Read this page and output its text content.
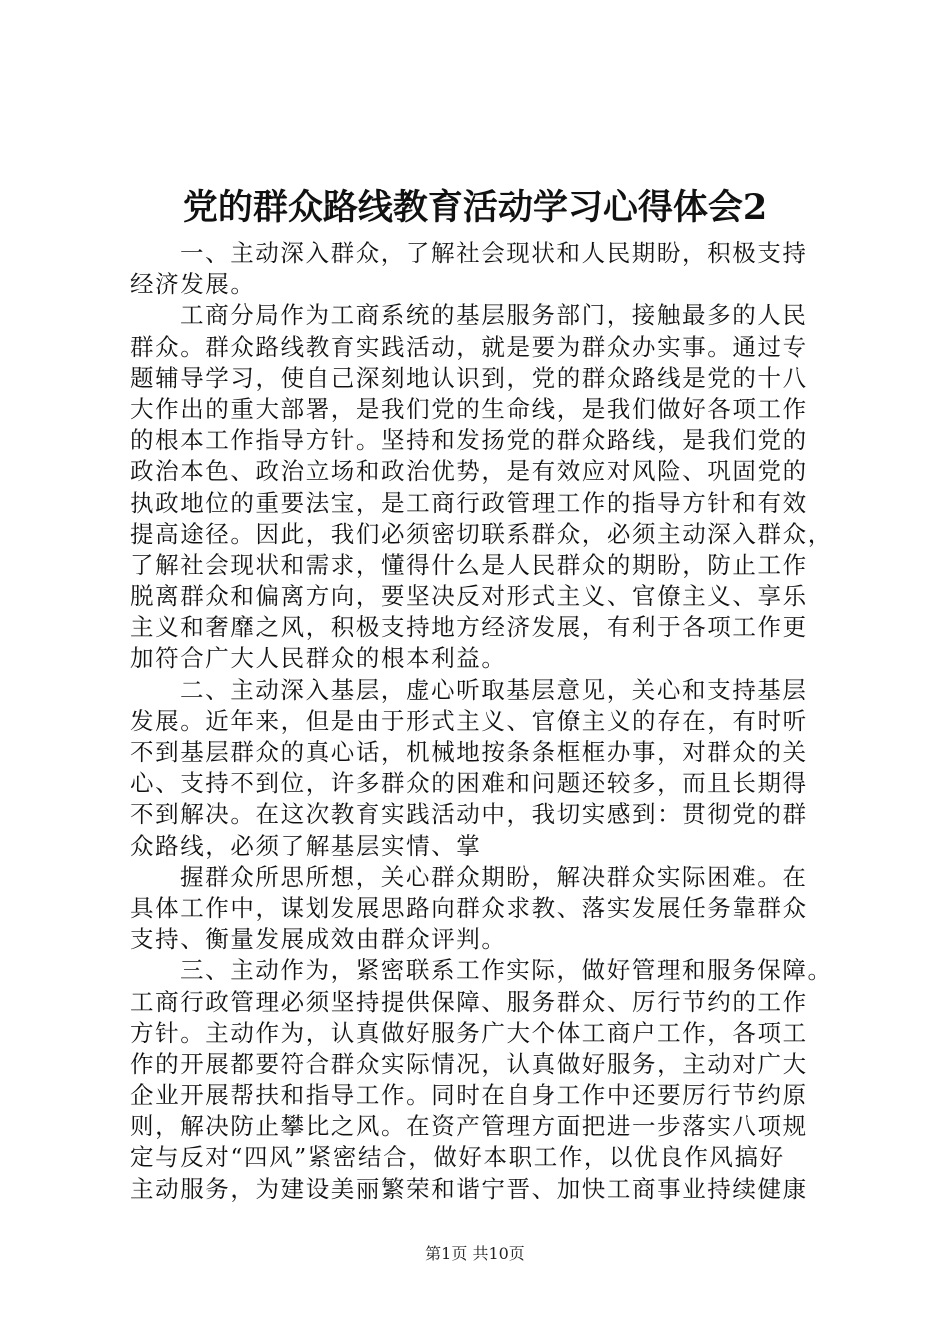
党的群众路线教育活动学习心得体会2
一、主动深入群众，了解社会现状和人民期盼，积极支持
经济发展。
工商分局作为工商系统的基层服务部门，接触最多的人民
群众。群众路线教育实践活动，就是要为群众办实事。通过专
题辅导学习，使自己深刻地认识到，党的群众路线是党的十八
大作出的重大部署，是我们党的生命线，是我们做好各项工作
的根本工作指导方针。坚持和发扬党的群众路线，是我们党的
政治本色、政治立场和政治优势，是有效应对风险、巩固党的
执政地位的重要法宝，是工商行政管理工作的指导方针和有效
提高途径。因此，我们必须密切联系群众，必须主动深入群众，
了解社会现状和需求，懂得什么是人民群众的期盼，防止工作
脱离群众和偏离方向，要坚决反对形式主义、官僚主义、享乐
主义和奢靡之风，积极支持地方经济发展，有利于各项工作更
加符合广大人民群众的根本利益。
二、主动深入基层，虚心听取基层意见，关心和支持基层
发展。近年来，但是由于形式主义、官僚主义的存在，有时听
不到基层群众的真心话，机械地按条条框框办事，对群众的关
心、支持不到位，许多群众的困难和问题还较多，而且长期得
不到解决。在这次教育实践活动中，我切实感到：贯彻党的群
众路线，必须了解基层实情、掌
握群众所思所想，关心群众期盼，解决群众实际困难。在
具体工作中，谋划发展思路向群众求教、落实发展任务靠群众
支持、衡量发展成效由群众评判。
三、主动作为，紧密联系工作实际，做好管理和服务保障。
工商行政管理必须坚持提供保障、服务群众、厉行节约的工作
方针。主动作为，认真做好服务广大个体工商户工作，各项工
作的开展都要符合群众实际情况，认真做好服务，主动对广大
企业开展帮扶和指导工作。同时在自身工作中还要厉行节约原
则，解决防止攀比之风。在资产管理方面把进一步落实八项规
定与反对“四风”紧密结合，做好本职工作，以优良作风搞好
主动服务，为建设美丽繁荣和谐宁晋、加快工商事业持续健康
第1页 共10页
